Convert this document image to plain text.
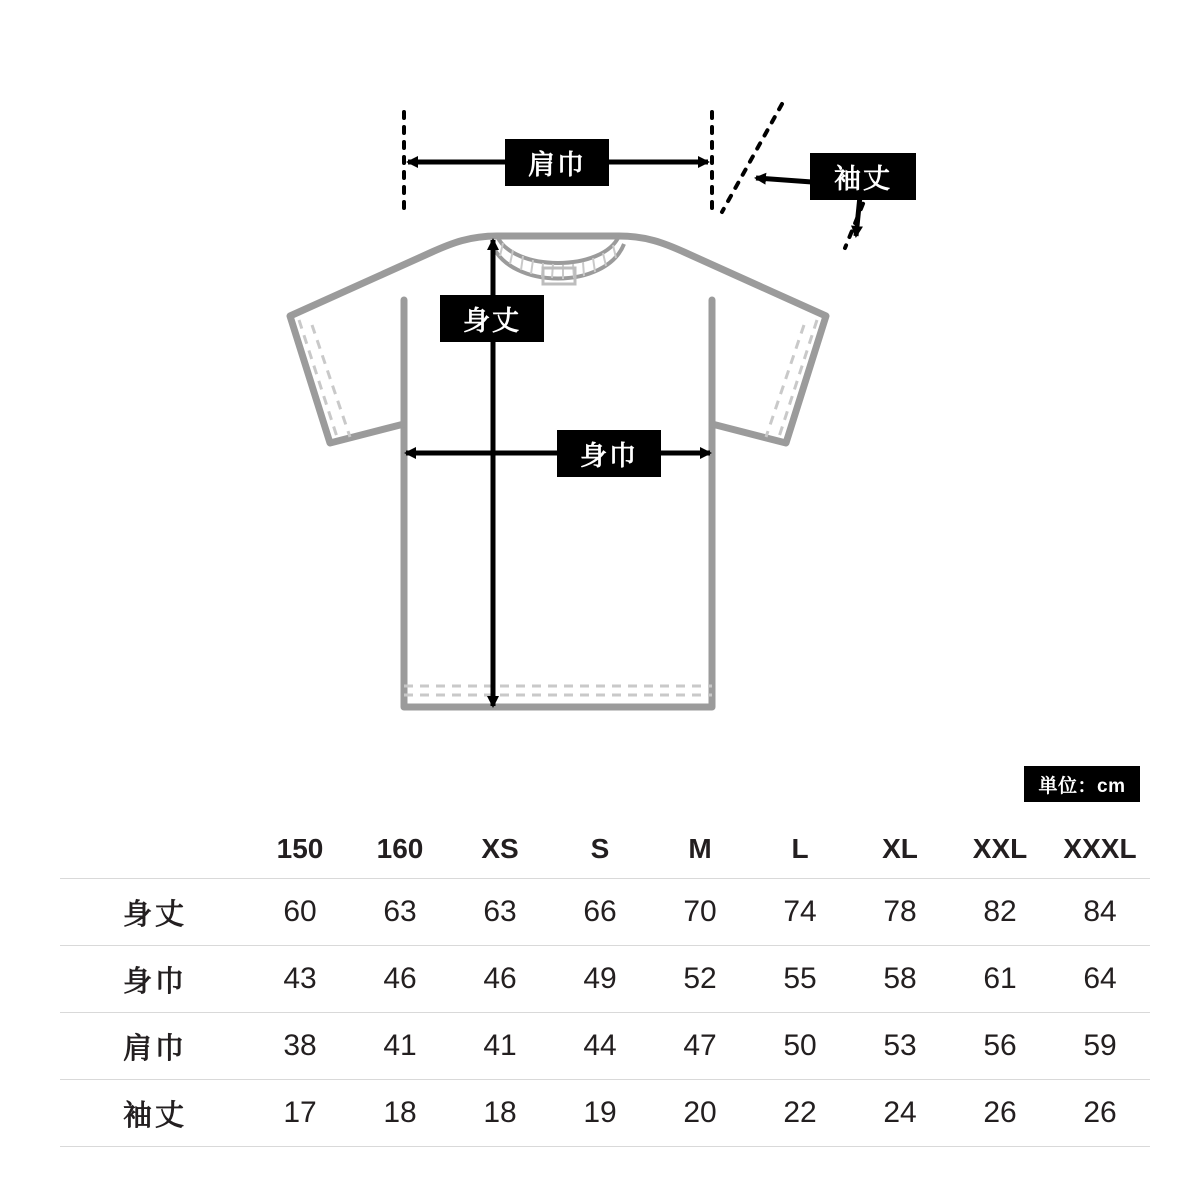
肩巾	袖丈
身丈
身巾
単位：cm
	150	160	XS	S	M	L	XL	XXL	XXXL
身丈	60	63	63	66	70	74	78	82	84
身巾	43	46	46	49	52	55	58	61	64
肩巾	38	41	41	44	47	50	53	56	59
袖丈	17	18	18	19	20	22	24	26	26
